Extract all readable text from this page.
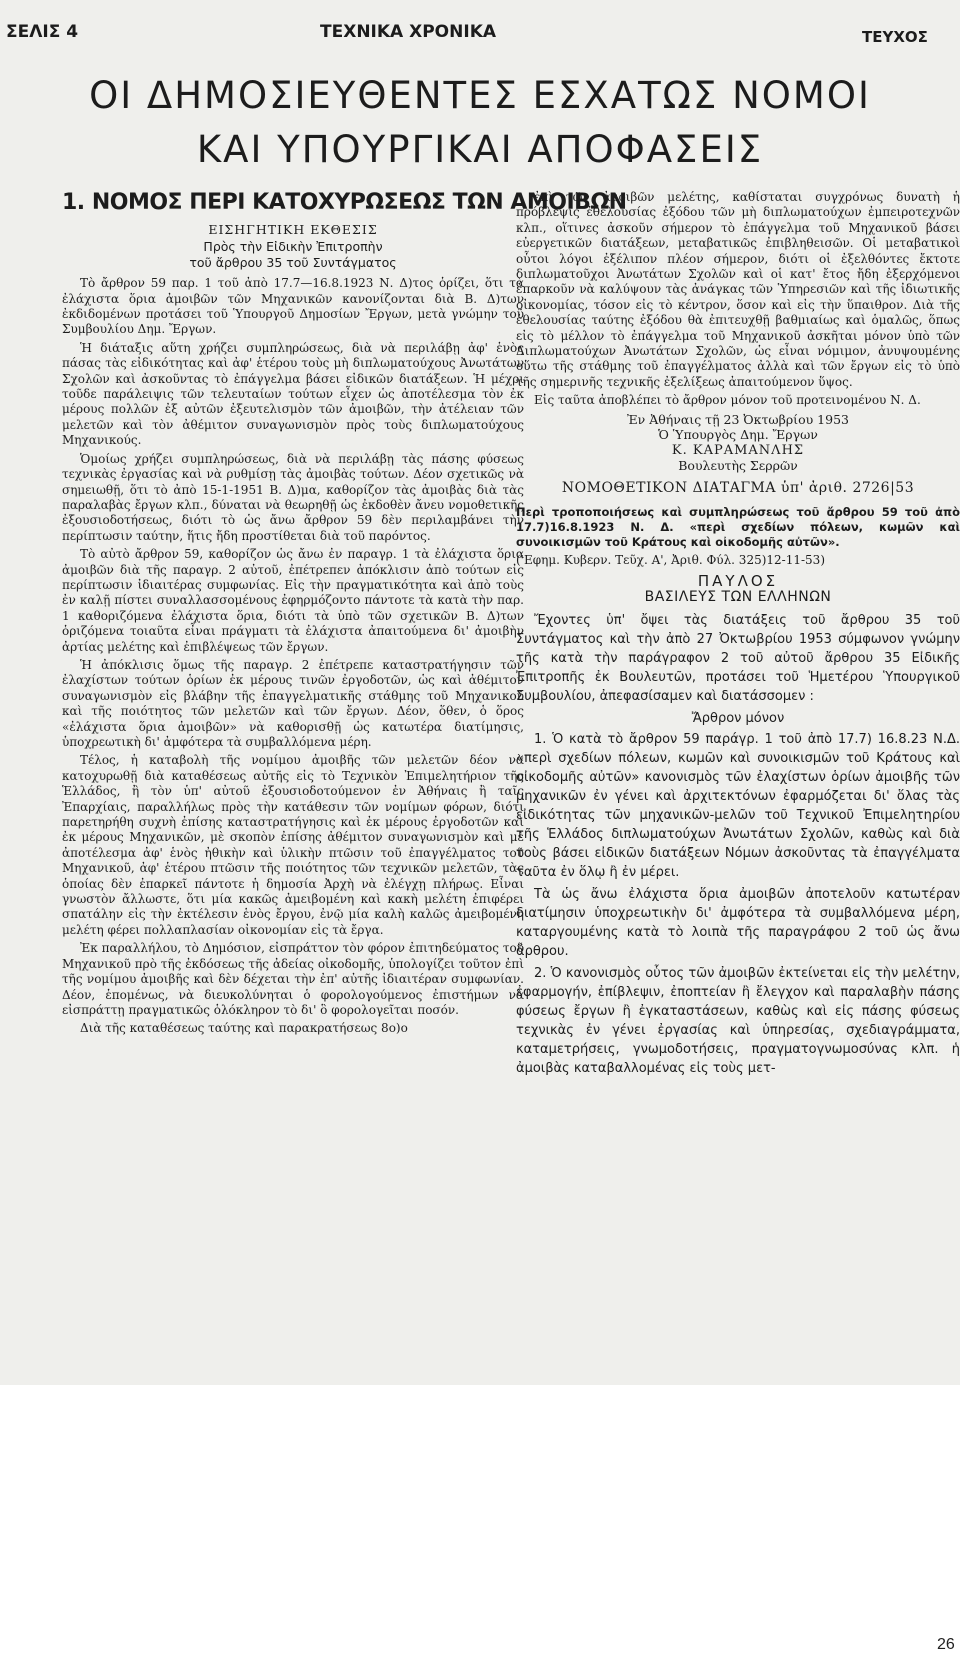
ΣΕΛΙΣ 4	ΤΕΧΝΙΚΑ ΧΡΟΝΙΚΑ	ΤΕΥΧΟΣ
ΟΙ ΔΗΜΟΣΙΕΥΘΕΝΤΕΣ ΕΣΧΑΤΩΣ ΝΟΜΟΙ
ΚΑΙ ΥΠΟΥΡΓΙΚΑΙ ΑΠΟΦΑΣΕΙΣ

1. ΝΟΜΟΣ ΠΕΡΙ ΚΑΤΟΧΥΡΩΣΕΩΣ ΤΩΝ ΑΜΟΙΒΩΝ

ΕΙΣΗΓΗΤΙΚΗ ΕΚΘΕΣΙΣ

Πρὸς τὴν Εἰδικὴν Ἐπιτροπὴν

τοῦ ἄρθρου 35 τοῦ Συντάγματος

Τὸ ἄρθρον 59 παρ. 1 τοῦ ἀπὸ 17.7—16.8.1923 Ν. Δ)τος ὁρίζει, ὅτι τὰ ἐλάχιστα ὅρια ἀμοιβῶν τῶν Μηχανικῶν κανονίζονται διὰ Β. Δ)των ἐκδιδομένων προτάσει τοῦ Ὑπουργοῦ Δημοσίων Ἔργων, μετὰ γνώμην τοῦ Συμβουλίου Δημ. Ἔργων.

Ἡ διάταξις αὕτη χρήζει συμπληρώσεως, διὰ νὰ περιλάβῃ ἀφ' ἑνὸς πάσας τὰς εἰδικότητας καὶ ἀφ' ἑτέρου τοὺς μὴ διπλωματούχους Ἀνωτάτων Σχολῶν καὶ ἀσκοῦντας τὸ ἐπάγγελμα βάσει εἰδικῶν διατάξεων. Ἡ μέχρι τοῦδε παράλειψις τῶν τελευταίων τούτων εἶχεν ὡς ἀποτέλεσμα τὸν ἐκ μέρους πολλῶν ἐξ αὐτῶν ἐξευτελισμὸν τῶν ἀμοιβῶν, τὴν ἀτέλειαν τῶν μελετῶν καὶ τὸν ἀθέμιτον συναγωνισμὸν πρὸς τοὺς διπλωματούχους Μηχανικούς.

Ὁμοίως χρήζει συμπληρώσεως, διὰ νὰ περιλάβῃ τὰς πάσης φύσεως τεχνικὰς ἐργασίας καὶ νὰ ρυθμίσῃ τὰς ἀμοιβὰς τούτων. Δέον σχετικῶς νὰ σημειωθῇ, ὅτι τὸ ἀπὸ 15-1-1951 Β. Δ)μα, καθορίζον τὰς ἀμοιβὰς διὰ τὰς παραλαβὰς ἔργων κλπ., δύναται νὰ θεωρηθῇ ὡς ἐκδοθὲν ἄνευ νομοθετικῆς ἐξουσιοδοτήσεως, διότι τὸ ὡς ἄνω ἄρθρον 59 δὲν περιλαμβάνει τὴν περίπτωσιν ταύτην, ἥτις ἤδη προστίθεται διὰ τοῦ παρόντος.

Τὸ αὐτὸ ἄρθρον 59, καθορίζον ὡς ἄνω ἐν παραγρ. 1 τὰ ἐλάχιστα ὅρια ἀμοιβῶν διὰ τῆς παραγρ. 2 αὐτοῦ, ἐπέτρεπεν ἀπόκλισιν ἀπὸ τούτων εἰς περίπτωσιν ἰδιαιτέρας συμφωνίας. Εἰς τὴν πραγματικότητα καὶ ἀπὸ τοὺς ἐν καλῇ πίστει συναλλασσομένους ἐφηρμόζοντο πάντοτε τὰ κατὰ τὴν παρ. 1 καθοριζόμενα ἐλάχιστα ὅρια, διότι τὰ ὑπὸ τῶν σχετικῶν Β. Δ)των ὁριζόμενα τοιαῦτα εἶναι πράγματι τὰ ἐλάχιστα ἀπαιτούμενα δι' ἀμοιβὴν ἀρτίας μελέτης καὶ ἐπιβλέψεως τῶν ἔργων.

Ἡ ἀπόκλισις ὅμως τῆς παραγρ. 2 ἐπέτρεπε καταστρατήγησιν τῶν ἐλαχίστων τούτων ὁρίων ἐκ μέρους τινῶν ἐργοδοτῶν, ὡς καὶ ἀθέμιτον συναγωνισμὸν εἰς βλάβην τῆς ἐπαγγελματικῆς στάθμης τοῦ Μηχανικοῦ καὶ τῆς ποιότητος τῶν μελετῶν καὶ τῶν ἔργων. Δέον, ὅθεν, ὁ ὅρος «ἐλάχιστα ὅρια ἀμοιβῶν» νὰ καθορισθῇ ὡς κατωτέρα διατίμησις, ὑποχρεωτικὴ δι' ἀμφότερα τὰ συμβαλλόμενα μέρη.

Τέλος, ἡ καταβολὴ τῆς νομίμου ἀμοιβῆς τῶν μελετῶν δέον νὰ κατοχυρωθῇ διὰ καταθέσεως αὐτῆς εἰς τὸ Τεχνικὸν Ἐπιμελητήριον τῆς Ἑλλάδος, ἢ τὸν ὑπ' αὐτοῦ ἐξουσιοδοτούμενον ἐν Ἀθήναις ἢ ταῖς Ἐπαρχίαις, παραλλήλως πρὸς τὴν κατάθεσιν τῶν νομίμων φόρων, διότι παρετηρήθη συχνὴ ἐπίσης καταστρατήγησις καὶ ἐκ μέρους ἐργοδοτῶν καὶ ἐκ μέρους Μηχανικῶν, μὲ σκοπὸν ἐπίσης ἀθέμιτον συναγωνισμὸν καὶ μὲ ἀποτέλεσμα ἀφ' ἑνὸς ἠθικὴν καὶ ὑλικὴν πτῶσιν τοῦ ἐπαγγέλματος τοῦ Μηχανικοῦ, ἀφ' ἑτέρου πτῶσιν τῆς ποιότητος τῶν τεχνικῶν μελετῶν, τὰς ὁποίας δὲν ἐπαρκεῖ πάντοτε ἡ δημοσία Ἀρχὴ νὰ ἐλέγχῃ πλήρως. Εἶναι γνωστὸν ἄλλωστε, ὅτι μία κακῶς ἀμειβομένη καὶ κακὴ μελέτη ἐπιφέρει σπατάλην εἰς τὴν ἐκτέλεσιν ἑνὸς ἔργου, ἐνῷ μία καλὴ καλῶς ἀμειβομένη μελέτη φέρει πολλαπλασίαν οἰκονομίαν εἰς τὰ ἔργα.

Ἐκ παραλλήλου, τὸ Δημόσιον, εἰσπράττον τὸν φόρον ἐπιτηδεύματος τοῦ Μηχανικοῦ πρὸ τῆς ἐκδόσεως τῆς ἀδείας οἰκοδομῆς, ὑπολογίζει τοῦτον ἐπὶ τῆς νομίμου ἀμοιβῆς καὶ δὲν δέχεται τὴν ἐπ' αὐτῆς ἰδιαιτέραν συμφωνίαν. Δέον, ἑπομένως, νὰ διευκολύνηται ὁ φορολογούμενος ἐπιστήμων νὰ εἰσπράττῃ πραγματικῶς ὁλόκληρον τὸ δι' ὃ φορολογεῖται ποσόν.

Διὰ τῆς καταθέσεως ταύτης καὶ παρακρατήσεως 8ο)ο

ἐπὶ τῶν ἀμοιβῶν μελέτης, καθίσταται συγχρόνως δυνατὴ ἡ πρόβλεψις ἐθελουσίας ἐξόδου τῶν μὴ διπλωματούχων ἐμπειροτεχνῶν κλπ., οἵτινες ἀσκοῦν σήμερον τὸ ἐπάγγελμα τοῦ Μηχανικοῦ βάσει εὐεργετικῶν διατάξεων, μεταβατικῶς ἐπιβληθεισῶν. Οἱ μεταβατικοὶ οὗτοι λόγοι ἐξέλιπον πλέον σήμερον, διότι οἱ ἐξελθόντες ἔκτοτε διπλωματοῦχοι Ἀνωτάτων Σχολῶν καὶ οἱ κατ' ἔτος ἤδη ἐξερχόμενοι ἐπαρκοῦν νὰ καλύψουν τὰς ἀνάγκας τῶν Ὑπηρεσιῶν καὶ τῆς ἰδιωτικῆς οἰκονομίας, τόσον εἰς τὸ κέντρον, ὅσον καὶ εἰς τὴν ὕπαιθρον. Διὰ τῆς ἐθελουσίας ταύτης ἐξόδου θὰ ἐπιτευχθῇ βαθμιαίως καὶ ὁμαλῶς, ὅπως εἰς τὸ μέλλον τὸ ἐπάγγελμα τοῦ Μηχανικοῦ ἀσκῆται μόνον ὑπὸ τῶν Διπλωματούχων Ἀνωτάτων Σχολῶν, ὡς εἶναι νόμιμον, ἀνυψουμένης οὕτω τῆς στάθμης τοῦ ἐπαγγέλματος ἀλλὰ καὶ τῶν ἔργων εἰς τὸ ὑπὸ τῆς σημερινῆς τεχνικῆς ἐξελίξεως ἀπαιτούμενον ὕψος.

Εἰς ταῦτα ἀποβλέπει τὸ ἄρθρον μόνον τοῦ προτεινομένου Ν. Δ.

Ἐν Ἀθήναις τῇ 23 Ὀκτωβρίου 1953

Ὁ Ὑπουργὸς Δημ. Ἔργων

Κ. ΚΑΡΑΜΑΝΛΗΣ

Βουλευτὴς Σερρῶν

ΝΟΜΟΘΕΤΙΚΟΝ ΔΙΑΤΑΓΜΑ ὑπ' ἀριθ. 2726|53

Περὶ τροποποιήσεως καὶ συμπληρώσεως τοῦ ἄρθρου 59 τοῦ ἀπὸ 17.7)16.8.1923 Ν. Δ. «περὶ σχεδίων πόλεων, κωμῶν καὶ συνοικισμῶν τοῦ Κράτους καὶ οἰκοδομῆς αὐτῶν».

('Εφημ. Κυβερν. Τεῦχ. Α', Ἀριθ. Φύλ. 325)12-11-53)

ΠΑΥΛΟΣ

ΒΑΣΙΛΕΥΣ ΤΩΝ ΕΛΛΗΝΩΝ

Ἔχοντες ὑπ' ὄψει τὰς διατάξεις τοῦ ἄρθρου 35 τοῦ Συντάγματος καὶ τὴν ἀπὸ 27 Ὀκτωβρίου 1953 σύμφωνον γνώμην τῆς κατὰ τὴν παράγραφον 2 τοῦ αὐτοῦ ἄρθρου 35 Εἰδικῆς Ἐπιτροπῆς ἐκ Βουλευτῶν, προτάσει τοῦ Ἡμετέρου Ὑπουργικοῦ Συμβουλίου, ἀπεφασίσαμεν καὶ διατάσσομεν :

Ἄρθρον μόνον

1. Ὁ κατὰ τὸ ἄρθρον 59 παράγρ. 1 τοῦ ἀπὸ 17.7) 16.8.23 Ν.Δ. «περὶ σχεδίων πόλεων, κωμῶν καὶ συνοικισμῶν τοῦ Κράτους καὶ οἰκοδομῆς αὐτῶν» κανονισμὸς τῶν ἐλαχίστων ὁρίων ἀμοιβῆς τῶν μηχανικῶν ἐν γένει καὶ ἀρχιτεκτόνων ἐφαρμόζεται δι' ὅλας τὰς εἰδικότητας τῶν μηχανικῶν-μελῶν τοῦ Τεχνικοῦ Ἐπιμελητηρίου τῆς Ἑλλάδος διπλωματούχων Ἀνωτάτων Σχολῶν, καθὼς καὶ διὰ τοὺς βάσει εἰδικῶν διατάξεων Νόμων ἀσκοῦντας τὰ ἐπαγγέλματα ταῦτα ἐν ὅλῳ ἢ ἐν μέρει.

Τὰ ὡς ἄνω ἐλάχιστα ὅρια ἀμοιβῶν ἀποτελοῦν κατωτέραν διατίμησιν ὑποχρεωτικὴν δι' ἀμφότερα τὰ συμβαλλόμενα μέρη, καταργουμένης κατὰ τὸ λοιπὰ τῆς παραγράφου 2 τοῦ ὡς ἄνω ἄρθρου.

2. Ὁ κανονισμὸς οὗτος τῶν ἀμοιβῶν ἐκτείνεται εἰς τὴν μελέτην, ἐφαρμογήν, ἐπίβλεψιν, ἐποπτείαν ἢ ἔλεγχον καὶ παραλαβὴν πάσης φύσεως ἔργων ἢ ἐγκαταστάσεων, καθὼς καὶ εἰς πάσης φύσεως τεχνικὰς ἐν γένει ἐργασίας καὶ ὑπηρεσίας, σχεδιαγράμματα, καταμετρήσεις, γνωμοδοτήσεις, πραγματογνωμοσύνας κλπ. ἡ ἀμοιβὰς καταβαλλομένας εἰς τοὺς μετ-

26
